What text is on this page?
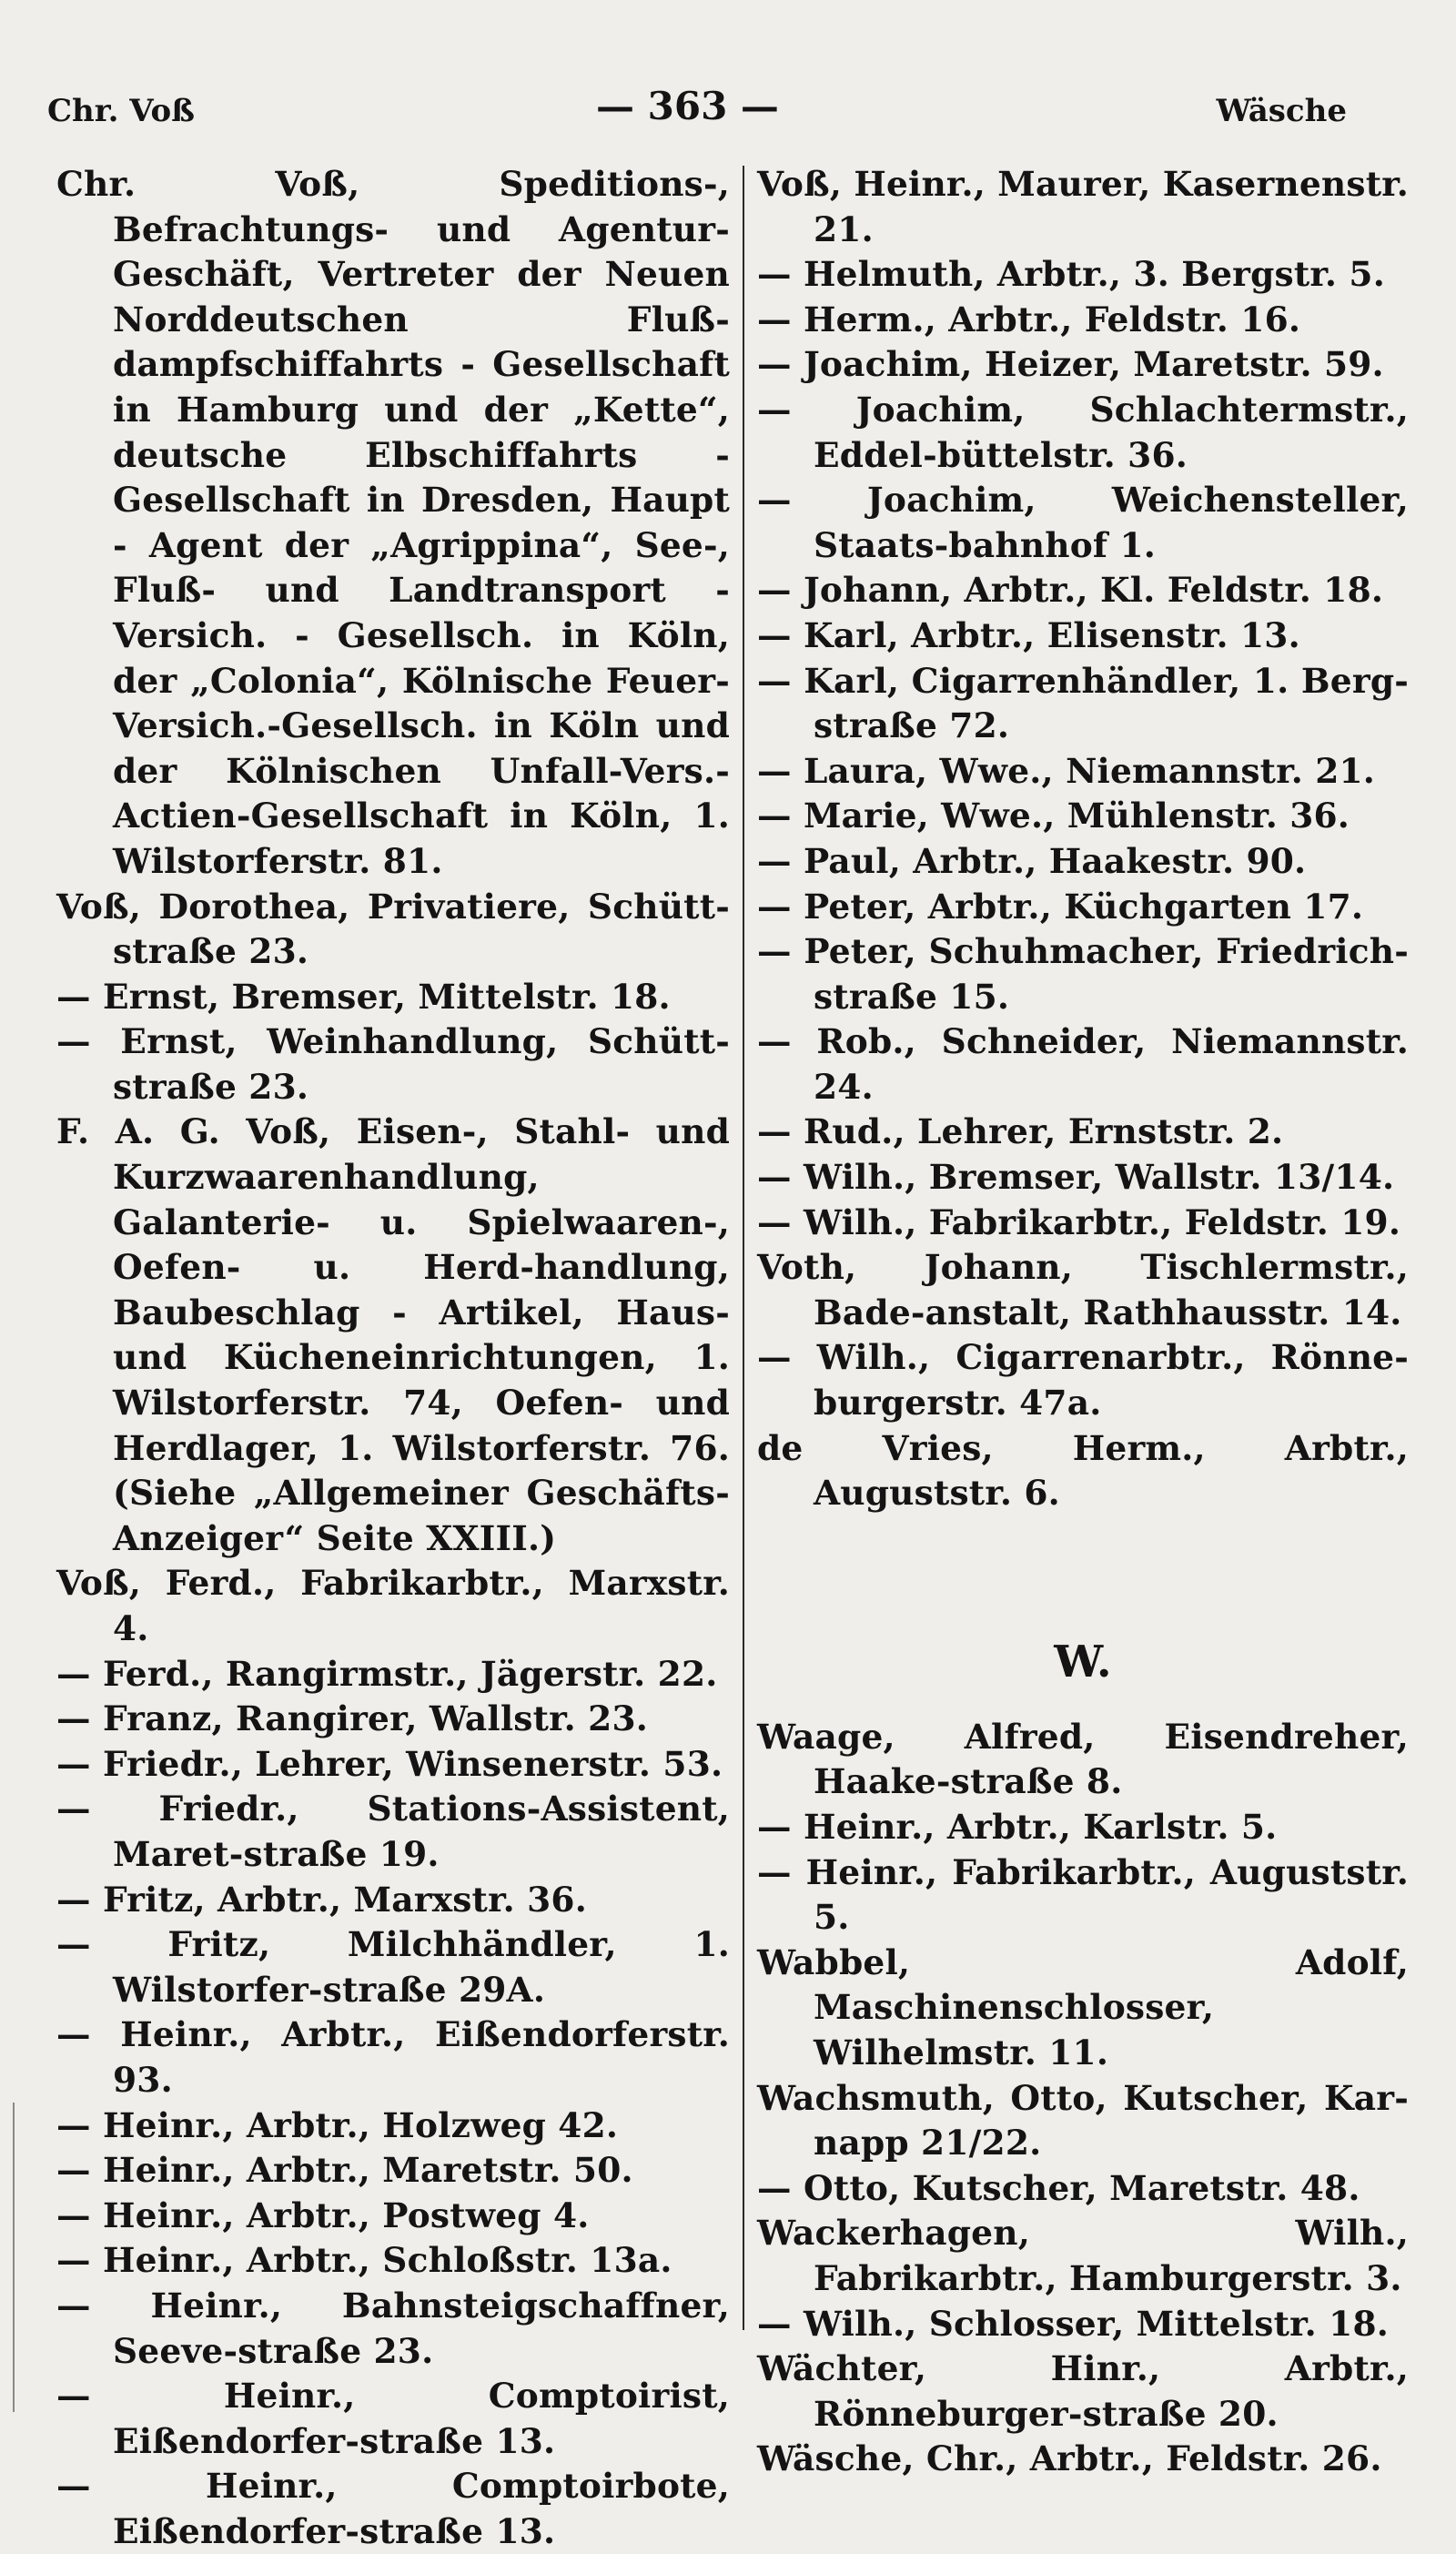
Chr. Voß	— 363 —	Wäsche

Chr. Voß, Speditions-, Befrachtungs- und Agentur-Geschäft, Vertreter der Neuen Norddeutschen Fluß-dampfschiffahrts - Gesellschaft in Hamburg und der „Kette“, deutsche Elbschiffahrts - Gesellschaft in Dresden, Haupt - Agent der „Agrippina“, See-, Fluß- und Landtransport - Versich. - Gesellsch. in Köln, der „Colonia“, Kölnische Feuer-Versich.-Gesellsch. in Köln und der Kölnischen Unfall-Vers.-Actien-Gesellschaft in Köln, 1. Wilstorferstr. 81.

Voß, Dorothea, Privatiere, Schütt-straße 23.

— Ernst, Bremser, Mittelstr. 18.

— Ernst, Weinhandlung, Schütt-straße 23.

F. A. G. Voß, Eisen-, Stahl- und Kurzwaarenhandlung, Galanterie- u. Spielwaaren-, Oefen- u. Herd-handlung, Baubeschlag - Artikel, Haus- und Kücheneinrichtungen, 1. Wilstorferstr. 74, Oefen- und Herdlager, 1. Wilstorferstr. 76. (Siehe „Allgemeiner Geschäfts-Anzeiger“ Seite XXIII.)

Voß, Ferd., Fabrikarbtr., Marxstr. 4.

— Ferd., Rangirmstr., Jägerstr. 22.

— Franz, Rangirer, Wallstr. 23.

— Friedr., Lehrer, Winsenerstr. 53.

— Friedr., Stations-Assistent, Maret-straße 19.

— Fritz, Arbtr., Marxstr. 36.

— Fritz, Milchhändler, 1. Wilstorfer-straße 29A.

— Heinr., Arbtr., Eißendorferstr. 93.

— Heinr., Arbtr., Holzweg 42.

— Heinr., Arbtr., Maretstr. 50.

— Heinr., Arbtr., Postweg 4.

— Heinr., Arbtr., Schloßstr. 13a.

— Heinr., Bahnsteigschaffner, Seeve-straße 23.

— Heinr., Comptoirist, Eißendorfer-straße 13.

— Heinr., Comptoirbote, Eißendorfer-straße 13.

Voß, Heinr., Maurer, Kasernenstr. 21.

— Helmuth, Arbtr., 3. Bergstr. 5.

— Herm., Arbtr., Feldstr. 16.

— Joachim, Heizer, Maretstr. 59.

— Joachim, Schlachtermstr., Eddel-büttelstr. 36.

— Joachim, Weichensteller, Staats-bahnhof 1.

— Johann, Arbtr., Kl. Feldstr. 18.

— Karl, Arbtr., Elisenstr. 13.

— Karl, Cigarrenhändler, 1. Berg-straße 72.

— Laura, Wwe., Niemannstr. 21.

— Marie, Wwe., Mühlenstr. 36.

— Paul, Arbtr., Haakestr. 90.

— Peter, Arbtr., Küchgarten 17.

— Peter, Schuhmacher, Friedrich-straße 15.

— Rob., Schneider, Niemannstr. 24.

— Rud., Lehrer, Ernststr. 2.

— Wilh., Bremser, Wallstr. 13/14.

— Wilh., Fabrikarbtr., Feldstr. 19.

Voth, Johann, Tischlermstr., Bade-anstalt, Rathhausstr. 14.

— Wilh., Cigarrenarbtr., Rönne-burgerstr. 47a.

de Vries, Herm., Arbtr., Auguststr. 6.

W.

Waage, Alfred, Eisendreher, Haake-straße 8.

— Heinr., Arbtr., Karlstr. 5.

— Heinr., Fabrikarbtr., Auguststr. 5.

Wabbel, Adolf, Maschinenschlosser, Wilhelmstr. 11.

Wachsmuth, Otto, Kutscher, Kar-napp 21/22.

— Otto, Kutscher, Maretstr. 48.

Wackerhagen, Wilh., Fabrikarbtr., Hamburgerstr. 3.

— Wilh., Schlosser, Mittelstr. 18.

Wächter, Hinr., Arbtr., Rönneburger-straße 20.

Wäsche, Chr., Arbtr., Feldstr. 26.
